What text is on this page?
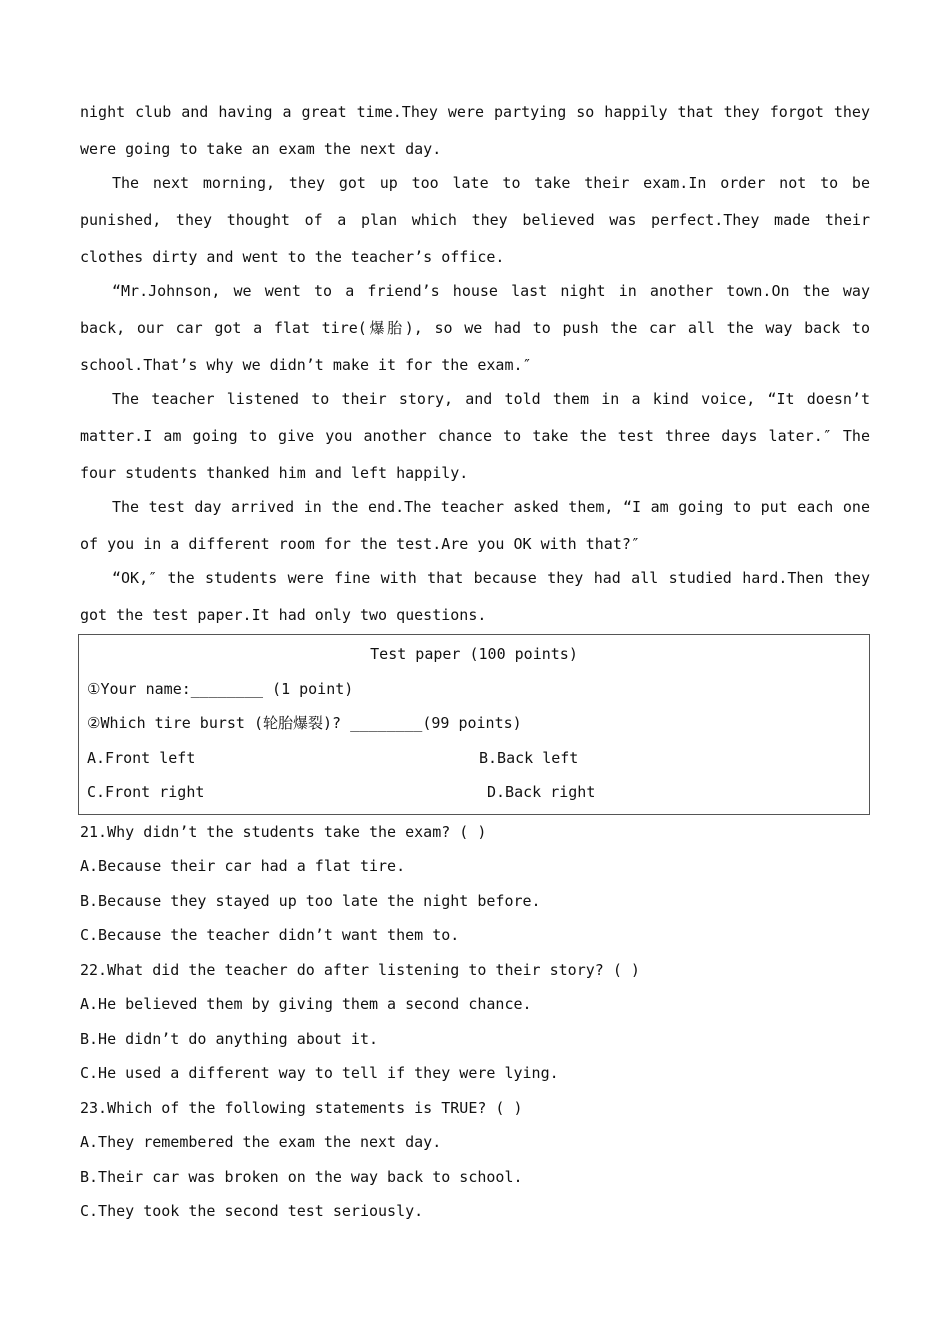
night club and having a great time.They were partying so happily that they forgot they were going to take an exam the next day.

The next morning, they got up too late to take their exam.In order not to be punished, they thought of a plan which they believed was perfect.They made their clothes dirty and went to the teacher’s office.

“Mr.Johnson, we went to a friend’s house last night in another town.On the way back, our car got a flat tire(爆胎), so we had to push the car all the way back to school.That’s why we didn’t make it for the exam.″

The teacher listened to their story, and told them in a kind voice, “It doesn’t matter.I am going to give you another chance to take the test three days later.″ The four students thanked him and left happily.

The test day arrived in the end.The teacher asked them, “I am going to put each one of you in a different room for the test.Are you OK with that?″

“OK,″ the students were fine with that because they had all studied hard.Then they got the test paper.It had only two questions.

Test paper (100 points)
①Your name:________ (1 point)
②Which tire burst (轮胎爆裂)? ________(99 points)
A.Front left	B.Back left
C.Front right	D.Back right
21.Why didn’t the students take the exam? ( )
A.Because their car had a flat tire.
B.Because they stayed up too late the night before.
C.Because the teacher didn’t want them to.
22.What did the teacher do after listening to their story? ( )
A.He believed them by giving them a second chance.
B.He didn’t do anything about it.
C.He used a different way to tell if they were lying.
23.Which of the following statements is TRUE? ( )
A.They remembered the exam the next day.
B.Their car was broken on the way back to school.
C.They took the second test seriously.
